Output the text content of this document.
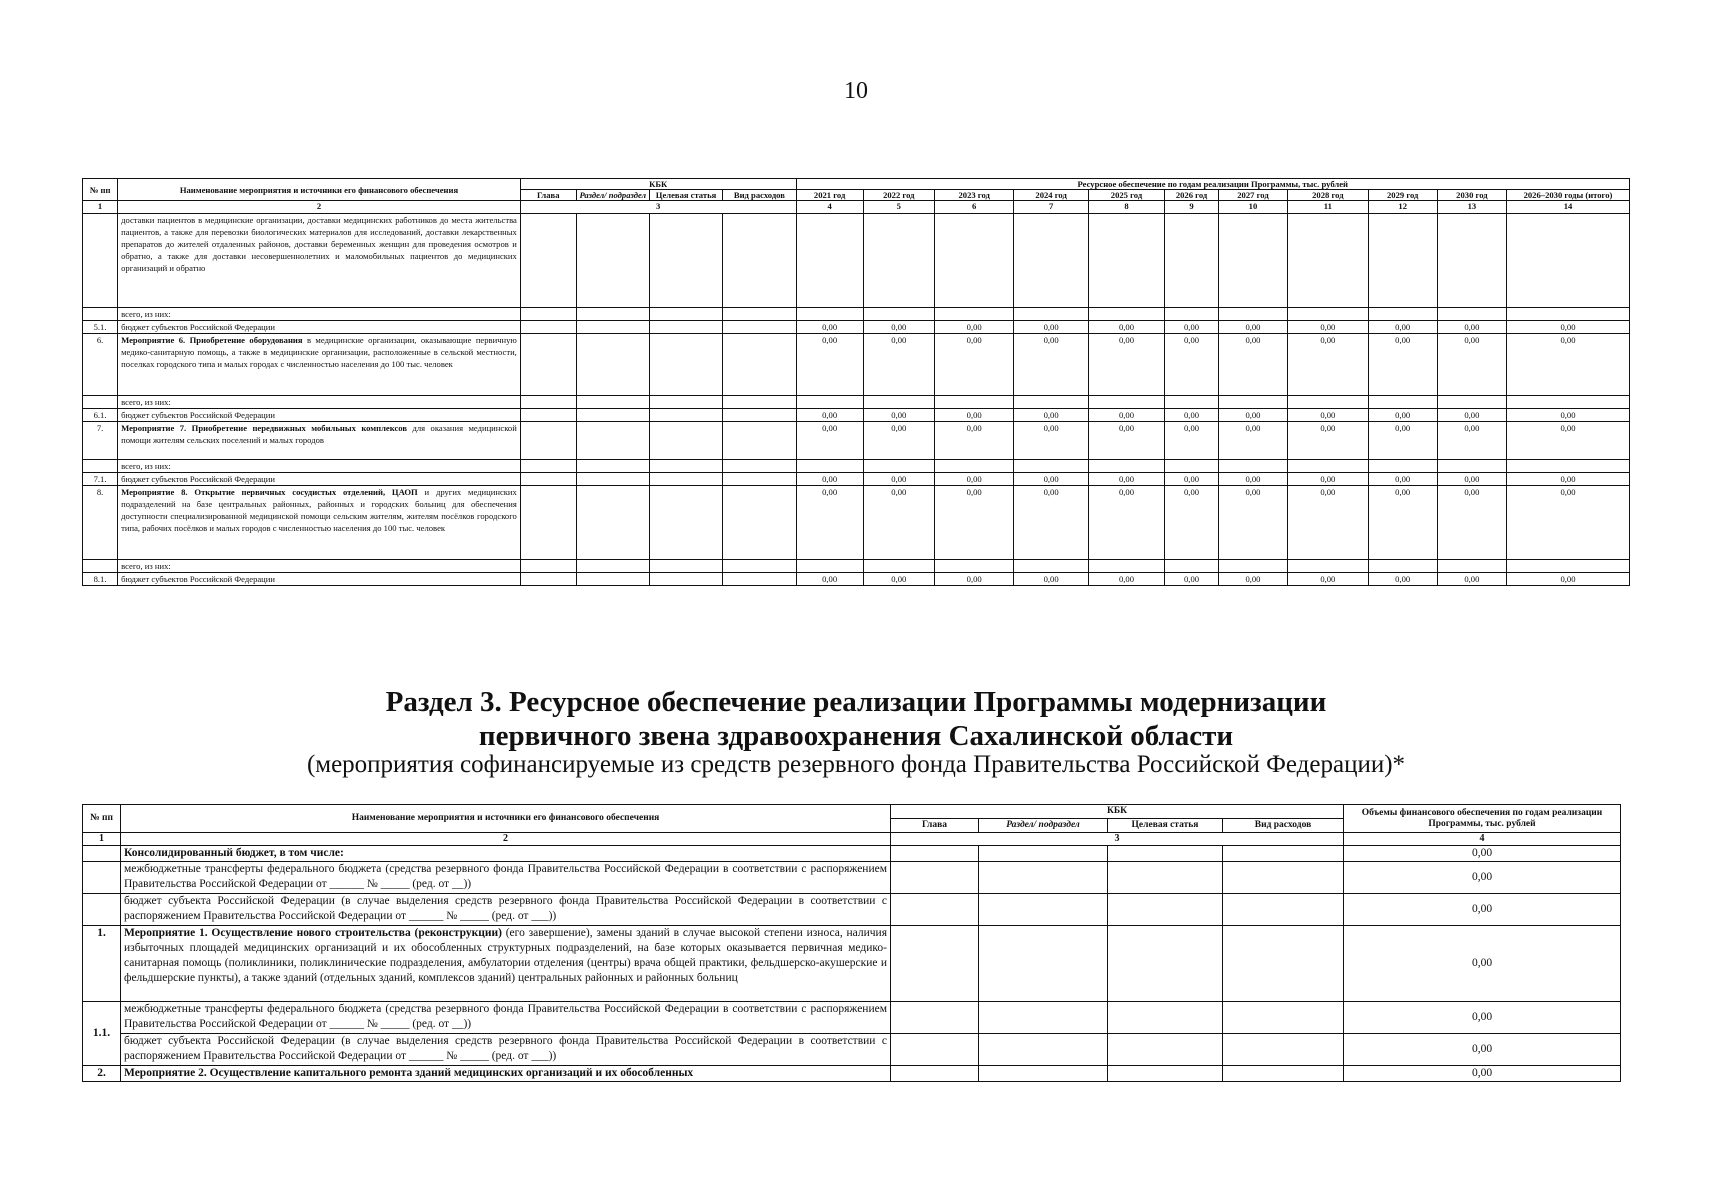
10
№ пп	Наименование мероприятия и источники его финансового обеспечения	КБК				Ресурсное обеспечение по годам реализации Программы, тыс. рублей										
		Глава	Раздел/ подраздел	Целевая статья	Вид расходов	2021 год	2022 год	2023 год	2024 год	2025 год	2026 год	2027 год	2028 год	2029 год	2030 год	2026–2030 годы (итого)
1	2	3				4	5	6	7	8	9	10	11	12	13	14
	доставки пациентов в медицинские организации, доставки медицинских работников до места жительства пациентов, а также для перевозки биологических материалов для исследований, доставки лекарственных препаратов до жителей отдаленных районов, доставки беременных женщин для проведения осмотров и обратно, а также для доставки несовершеннолетних и маломобильных пациентов до медицинских организаций и обратно															
	всего, из них:															
5.1.	бюджет субъектов Российской Федерации					0,00	0,00	0,00	0,00	0,00	0,00	0,00	0,00	0,00	0,00	0,00
6.	Мероприятие 6. Приобретение оборудования в медицинские организации, оказывающие первичную медико-санитарную помощь, а также в медицинские организации, расположенные в сельской местности, поселках городского типа и малых городах с численностью населения до 100 тыс. человек					0,00	0,00	0,00	0,00	0,00	0,00	0,00	0,00	0,00	0,00	0,00
	всего, из них:															
6.1.	бюджет субъектов Российской Федерации					0,00	0,00	0,00	0,00	0,00	0,00	0,00	0,00	0,00	0,00	0,00
7.	Мероприятие 7. Приобретение передвижных мобильных комплексов для оказания медицинской помощи жителям сельских поселений и малых городов					0,00	0,00	0,00	0,00	0,00	0,00	0,00	0,00	0,00	0,00	0,00
	всего, из них:															
7.1.	бюджет субъектов Российской Федерации					0,00	0,00	0,00	0,00	0,00	0,00	0,00	0,00	0,00	0,00	0,00
8.	Мероприятие 8. Открытие первичных сосудистых отделений, ЦАОП и других медицинских подразделений на базе центральных районных, районных и городских больниц для обеспечения доступности специализированной медицинской помощи сельским жителям, жителям посёлков городского типа, рабочих посёлков и малых городов с численностью населения до 100 тыс. человек					0,00	0,00	0,00	0,00	0,00	0,00	0,00	0,00	0,00	0,00	0,00
	всего, из них:															
8.1.	бюджет субъектов Российской Федерации					0,00	0,00	0,00	0,00	0,00	0,00	0,00	0,00	0,00	0,00	0,00
Раздел 3. Ресурсное обеспечение реализации Программы модернизации
первичного звена здравоохранения Сахалинской области
(мероприятия софинансируемые из средств резервного фонда Правительства Российской Федерации)*
№ пп	Наименование мероприятия и источники его финансового обеспечения	КБК				Объемы финансового обеспечения по годам реализации Программы, тыс. рублей
		Глава	Раздел/ подраздел	Целевая статья	Вид расходов	
1	2	3				4
	Консолидированный бюджет, в том числе:					0,00
	межбюджетные трансферты федерального бюджета (средства резервного фонда Правительства Российской Федерации в соответствии с распоряжением Правительства Российской Федерации от ______ № _____ (ред. от __))					0,00
	бюджет субъекта Российской Федерации (в случае выделения средств резервного фонда Правительства Российской Федерации в соответствии с распоряжением Правительства Российской Федерации от ______ № _____ (ред. от ___))					0,00
1.	Мероприятие 1. Осуществление нового строительства (реконструкции) (его завершение), замены зданий в случае высокой степени износа, наличия избыточных площадей медицинских организаций и их обособленных структурных подразделений, на базе которых оказывается первичная медико-санитарная помощь (поликлиники, поликлинические подразделения, амбулатории отделения (центры) врача общей практики, фельдшерско-акушерские и фельдшерские пункты), а также зданий (отдельных зданий, комплексов зданий) центральных районных и районных больниц					0,00
1.1.	межбюджетные трансферты федерального бюджета (средства резервного фонда Правительства Российской Федерации в соответствии с распоряжением Правительства Российской Федерации от ______ № _____ (ред. от __))					0,00
	бюджет субъекта Российской Федерации (в случае выделения средств резервного фонда Правительства Российской Федерации в соответствии с распоряжением Правительства Российской Федерации от ______ № _____ (ред. от ___))					0,00
2.	Мероприятие 2. Осуществление капитального ремонта зданий медицинских организаций и их обособленных					0,00
